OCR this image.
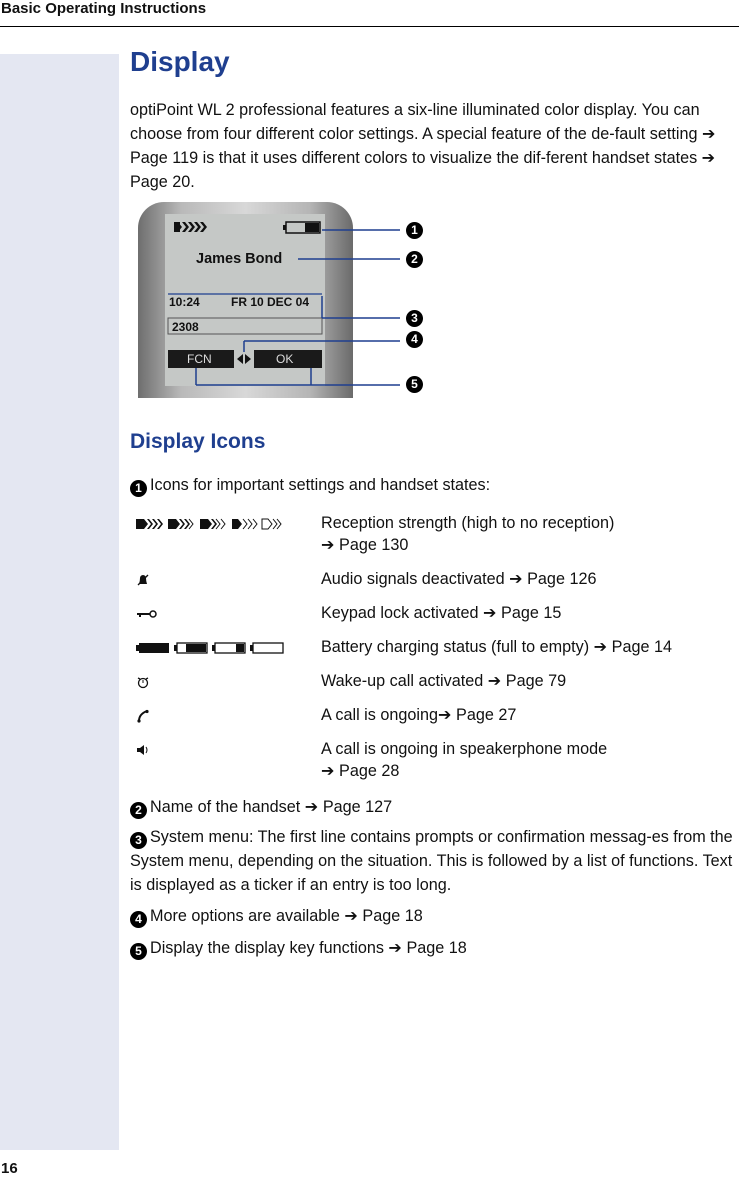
Basic Operating Instructions
16
Display

optiPoint WL 2 professional features a six-line illuminated color display. You can choose from four different color settings. A special feature of the de-fault setting ➔ Page 119 is that it uses different colors to visualize the dif-ferent handset states ➔ Page 20.

James Bond
10:24	FR 10 DEC 04
2308
FCN	OK
1
2
3
4
5
Display Icons
1 Icons for important settings and handset states:
Reception strength (high to no reception)
➔ Page 130
Audio signals deactivated ➔ Page 126
Keypad lock activated ➔ Page 15
Battery charging status (full to empty) ➔ Page 14
Wake-up call activated ➔ Page 79
A call is ongoing➔ Page 27
A call is ongoing in speakerphone mode
➔ Page 28
2 Name of the handset ➔ Page 127
3 System menu: The first line contains prompts or confirmation messag-es from the System menu, depending on the situation. This is followed by a list of functions. Text is displayed as a ticker if an entry is too long.
4 More options are available ➔ Page 18
5 Display the display key functions ➔ Page 18
